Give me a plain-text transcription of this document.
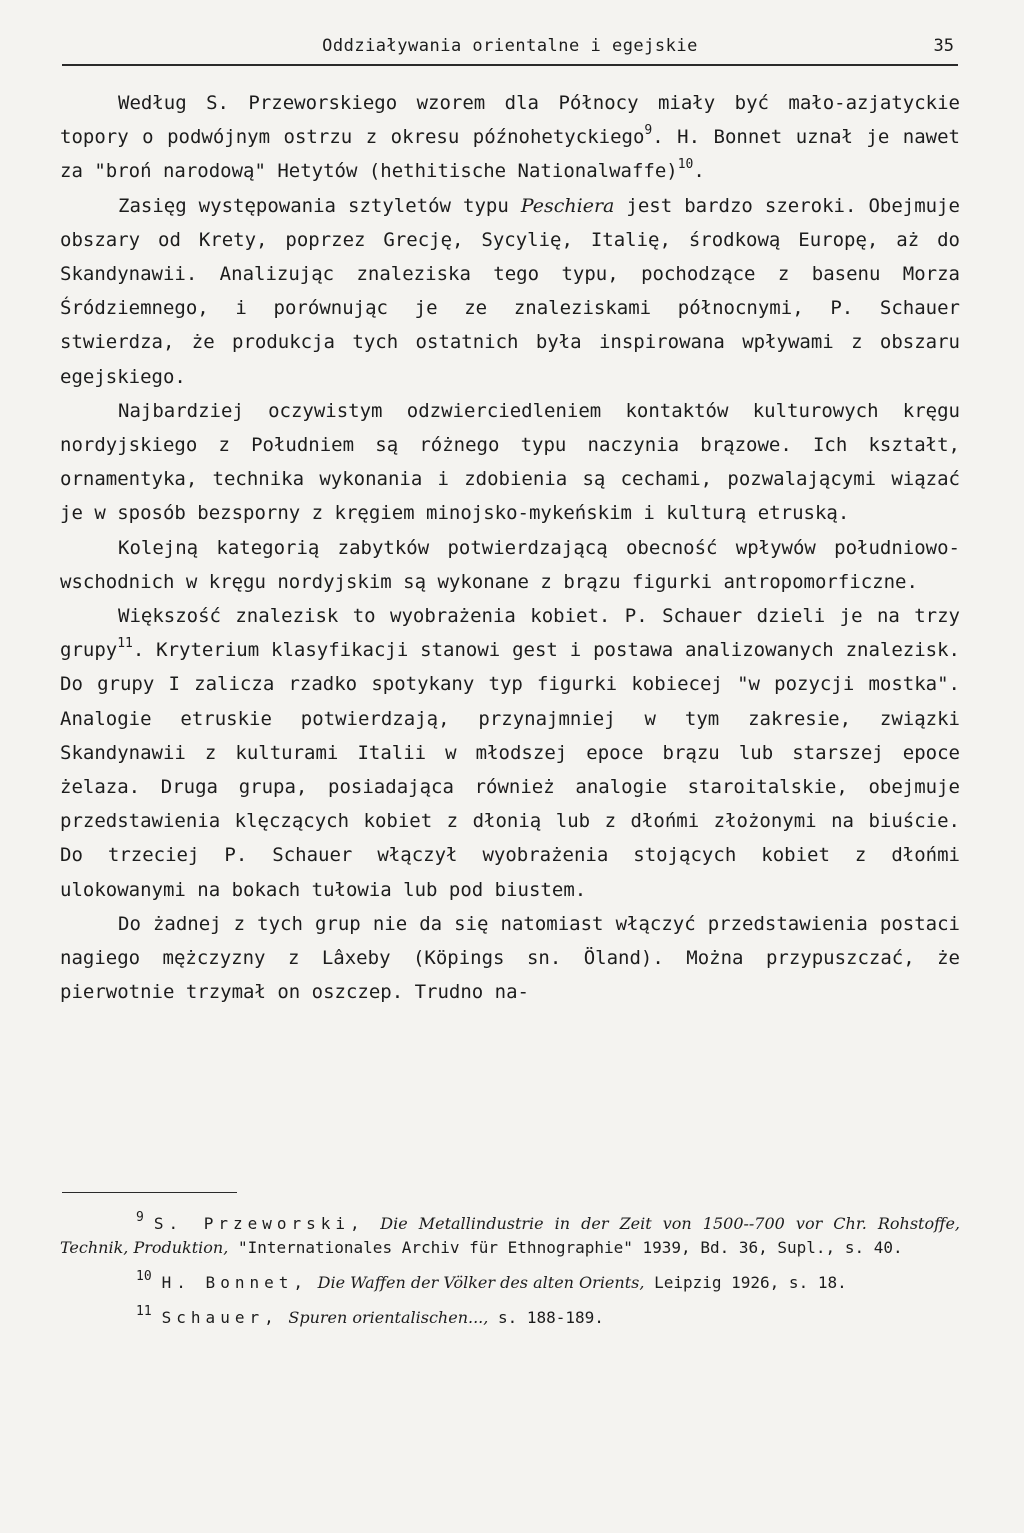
Oddziaływania orientalne i egejskie	35

Według S. Przeworskiego wzorem dla Północy miały być mało-azjatyckie topory o podwójnym ostrzu z okresu późnohetyckiego$^9$. H. Bonnet uznał je nawet za "broń narodową" Hetytów (hethitische Nationalwaffe)$^{10}$.

Zasięg występowania sztyletów typu Peschiera jest bardzo szeroki. Obejmuje obszary od Krety, poprzez Grecję, Sycylię, Italię, środkową Europę, aż do Skandynawii. Analizując znaleziska tego typu, pochodzące z basenu Morza Śródziemnego, i porównując je ze znaleziskami północnymi, P. Schauer stwierdza, że produkcja tych ostatnich była inspirowana wpływami z obszaru egejskiego.

Najbardziej oczywistym odzwierciedleniem kontaktów kulturowych kręgu nordyjskiego z Południem są różnego typu naczynia brązowe. Ich kształt, ornamentyka, technika wykonania i zdobienia są cechami, pozwalającymi wiązać je w sposób bezsporny z kręgiem minojsko-mykeńskim i kulturą etruską.

Kolejną kategorią zabytków potwierdzającą obecność wpływów południowo-wschodnich w kręgu nordyjskim są wykonane z brązu figurki antropomorficzne.

Większość znalezisk to wyobrażenia kobiet. P. Schauer dzieli je na trzy grupy$^{11}$. Kryterium klasyfikacji stanowi gest i postawa analizowanych znalezisk. Do grupy I zalicza rzadko spotykany typ figurki kobiecej "w pozycji mostka". Analogie etruskie potwierdzają, przynajmniej w tym zakresie, związki Skandynawii z kulturami Italii w młodszej epoce brązu lub starszej epoce żelaza. Druga grupa, posiadająca również analogie staroitalskie, obejmuje przedstawienia klęczących kobiet z dłonią lub z dłońmi złożonymi na biuście. Do trzeciej P. Schauer włączył wyobrażenia stojących kobiet z dłońmi ulokowanymi na bokach tułowia lub pod biustem.

Do żadnej z tych grup nie da się natomiast włączyć przedstawienia postaci nagiego mężczyzny z Lâxeby (Köpings sn. Öland). Można przypuszczać, że pierwotnie trzymał on oszczep. Trudno na-

$^9$ S. Przeworski, Die Metallindustrie in der Zeit von 1500--700 vor Chr. Rohstoffe, Technik, Produktion, "Internationales Archiv für Ethnographie" 1939, Bd. 36, Supl., s. 40.

$^{10}$ H. Bonnet, Die Waffen der Völker des alten Orients, Leipzig 1926, s. 18.

$^{11}$ Schauer, Spuren orientalischen..., s. 188-189.
